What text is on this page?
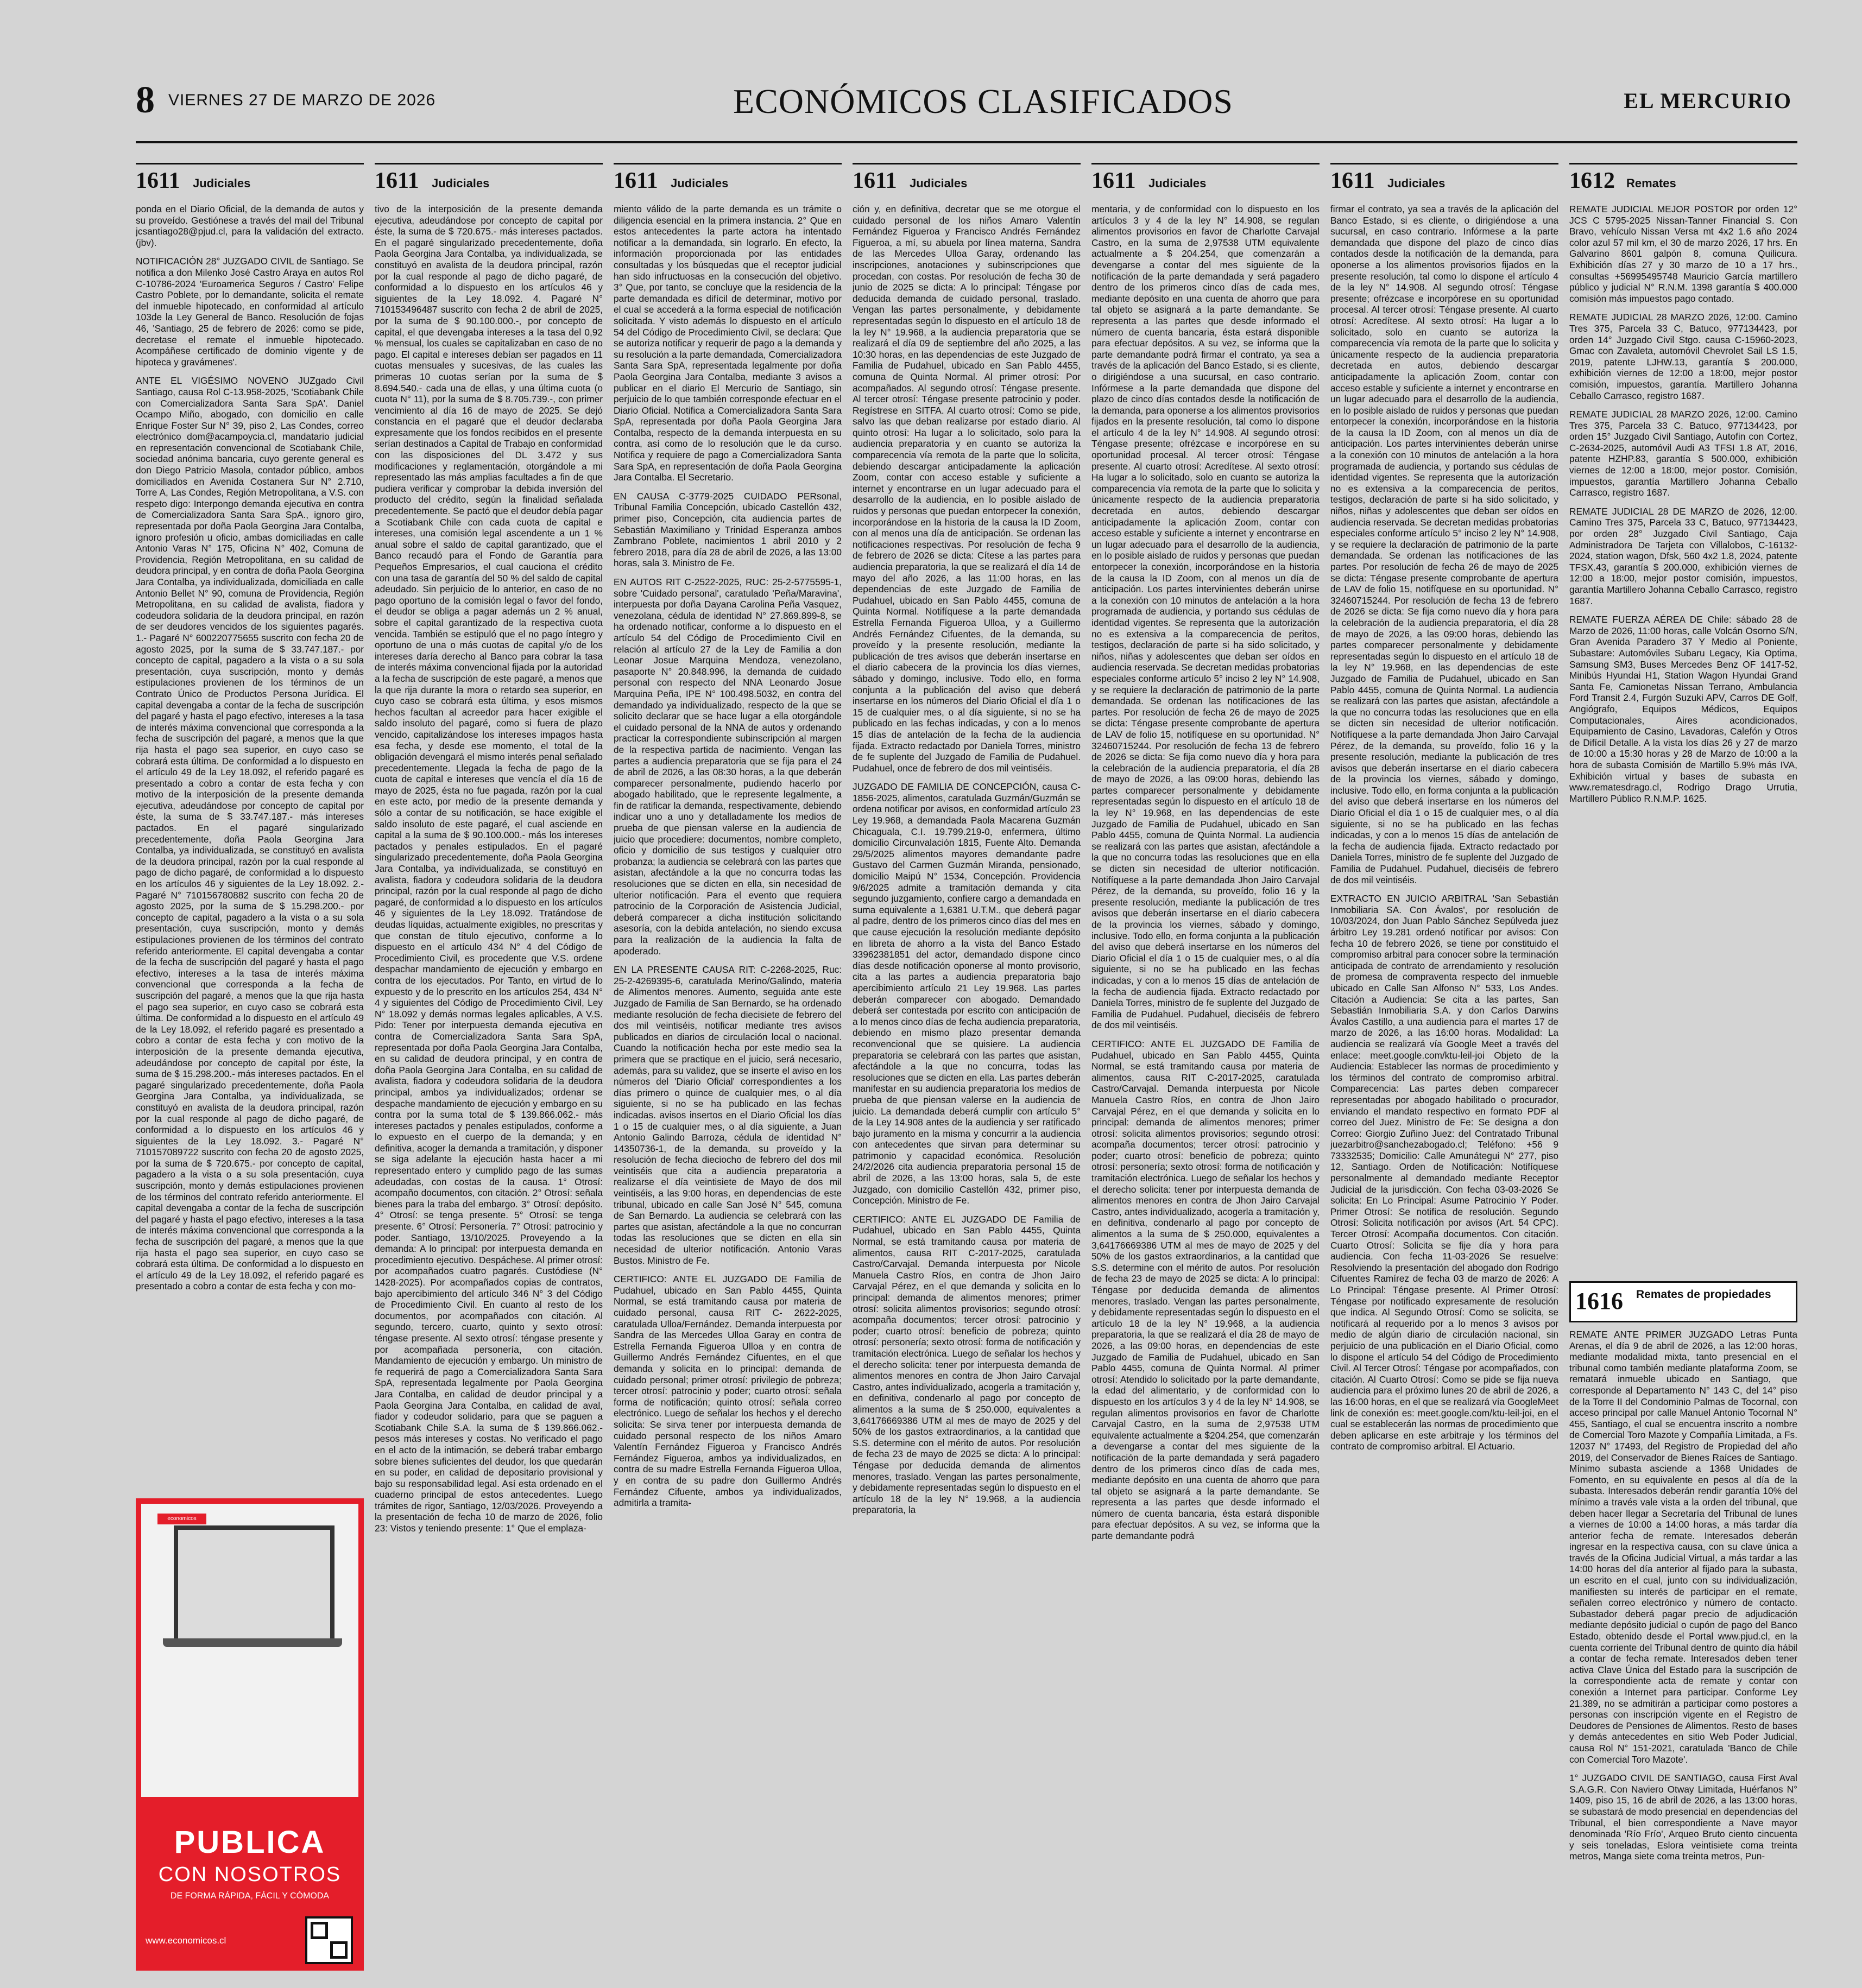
8 VIERNES 27 DE MARZO DE 2026	ECONÓMICOS CLASIFICADOS	EL MERCURIO
1611 Judiciales

ponda en el Diario Oficial, de la demanda de autos y su proveído. Gestiónese a través del mail del Tribunal jcsantiago28@pjud.cl, para la validación del extracto. (jbv).

NOTIFICACIÓN 28° JUZGADO CIVIL de Santiago. Se notifica a don Milenko José Castro Araya en autos Rol C-10786-2024 'Euroamerica Seguros / Castro' Felipe Castro Poblete, por lo demandante, solicita el remate del inmueble hipotecado, en conformidad al artículo 103de la Ley General de Banco. Resolución de fojas 46, 'Santiago, 25 de febrero de 2026: como se pide, decretase el remate el inmueble hipotecado. Acompáñese certificado de dominio vigente y de hipoteca y gravámenes'.

ANTE EL VIGÉSIMO NOVENO JUZgado Civil Santiago, causa Rol C-13.958-2025, 'Scotiabank Chile con Comercializadora Santa Sara SpA'. Daniel Ocampo Miño, abogado, con domicilio en calle Enrique Foster Sur N° 39, piso 2, Las Condes, correo electrónico dom@acampoycia.cl, mandatario judicial en representación convencional de Scotiabank Chile, sociedad anónima bancaria, cuyo gerente general es don Diego Patricio Masola, contador público, ambos domiciliados en Avenida Costanera Sur N° 2.710, Torre A, Las Condes, Región Metropolitana, a V.S. con respeto digo: Interpongo demanda ejecutiva en contra de Comercializadora Santa Sara SpA., ignoro giro, representada por doña Paola Georgina Jara Contalba, ignoro profesión u oficio, ambas domiciliadas en calle Antonio Varas N° 175, Oficina N° 402, Comuna de Providencia, Región Metropolitana, en su calidad de deudora principal, y en contra de doña Paola Georgina Jara Contalba, ya individualizada, domiciliada en calle Antonio Bellet N° 90, comuna de Providencia, Región Metropolitana, en su calidad de avalista, fiadora y codeudora solidaria de la deudora principal, en razón de ser deudores vencidos de los siguientes pagarés. 1.- Pagaré N° 600220775655 suscrito con fecha 20 de agosto 2025, por la suma de $ 33.747.187.- por concepto de capital, pagadero a la vista o a su sola presentación, cuya suscripción, monto y demás estipulaciones provienen de los términos de un Contrato Único de Productos Persona Jurídica. El capital devengaba a contar de la fecha de suscripción del pagaré y hasta el pago efectivo, intereses a la tasa de interés máxima convencional que corresponda a la fecha de suscripción del pagaré, a menos que la que rija hasta el pago sea superior, en cuyo caso se cobrará esta última. De conformidad a lo dispuesto en el artículo 49 de la Ley 18.092, el referido pagaré es presentado a cobro a contar de esta fecha y con motivo de la interposición de la presente demanda ejecutiva, adeudándose por concepto de capital por éste, la suma de $ 33.747.187.- más intereses pactados. En el pagaré singularizado precedentemente, doña Paola Georgina Jara Contalba, ya individualizada, se constituyó en avalista de la deudora principal, razón por la cual responde al pago de dicho pagaré, de conformidad a lo dispuesto en los artículos 46 y siguientes de la Ley 18.092. 2.- Pagaré N° 710156780882 suscrito con fecha 20 de agosto 2025, por la suma de $ 15.298.200.- por concepto de capital, pagadero a la vista o a su sola presentación, cuya suscripción, monto y demás estipulaciones provienen de los términos del contrato referido anteriormente. El capital devengaba a contar de la fecha de suscripción del pagaré y hasta el pago efectivo, intereses a la tasa de interés máxima convencional que corresponda a la fecha de suscripción del pagaré, a menos que la que rija hasta el pago sea superior, en cuyo caso se cobrará esta última. De conformidad a lo dispuesto en el artículo 49 de la Ley 18.092, el referido pagaré es presentado a cobro a contar de esta fecha y con motivo de la interposición de la presente demanda ejecutiva, adeudándose por concepto de capital por éste, la suma de $ 15.298.200.- más intereses pactados. En el pagaré singularizado precedentemente, doña Paola Georgina Jara Contalba, ya individualizada, se constituyó en avalista de la deudora principal, razón por la cual responde al pago de dicho pagaré, de conformidad a lo dispuesto en los artículos 46 y siguientes de la Ley 18.092. 3.- Pagaré N° 710157089722 suscrito con fecha 20 de agosto 2025, por la suma de $ 720.675.- por concepto de capital, pagadero a la vista o a su sola presentación, cuya suscripción, monto y demás estipulaciones provienen de los términos del contrato referido anteriormente. El capital devengaba a contar de la fecha de suscripción del pagaré y hasta el pago efectivo, intereses a la tasa de interés máxima convencional que corresponda a la fecha de suscripción del pagaré, a menos que la que rija hasta el pago sea superior, en cuyo caso se cobrará esta última. De conformidad a lo dispuesto en el artículo 49 de la Ley 18.092, el referido pagaré es presentado a cobro a contar de esta fecha y con mo-

economicos
PUBLICA
CON NOSOTROS
DE FORMA RÁPIDA, FÁCIL Y CÓMODA
www.economicos.cl
1611 Judiciales

tivo de la interposición de la presente demanda ejecutiva, adeudándose por concepto de capital por éste, la suma de $ 720.675.- más intereses pactados. En el pagaré singularizado precedentemente, doña Paola Georgina Jara Contalba, ya individualizada, se constituyó en avalista de la deudora principal, razón por la cual responde al pago de dicho pagaré, de conformidad a lo dispuesto en los artículos 46 y siguientes de la Ley 18.092. 4. Pagaré N° 710153496487 suscrito con fecha 2 de abril de 2025, por la suma de $ 90.100.000.-, por concepto de capital, el que devengaba intereses a la tasa del 0,92 % mensual, los cuales se capitalizaban en caso de no pago. El capital e intereses debían ser pagados en 11 cuotas mensuales y sucesivas, de las cuales las primeras 10 cuotas serían por la suma de $ 8.694.540.- cada una de ellas, y una última cuota (o cuota N° 11), por la suma de $ 8.705.739.-, con primer vencimiento al día 16 de mayo de 2025. Se dejó constancia en el pagaré que el deudor declaraba expresamente que los fondos recibidos en el presente serían destinados a Capital de Trabajo en conformidad con las disposiciones del DL 3.472 y sus modificaciones y reglamentación, otorgándole a mi representado las más amplias facultades a fin de que pudiera verificar y comprobar la debida inversión del producto del crédito, según la finalidad señalada precedentemente. Se pactó que el deudor debía pagar a Scotiabank Chile con cada cuota de capital e intereses, una comisión legal ascendente a un 1 % anual sobre el saldo de capital garantizado, que el Banco recaudó para el Fondo de Garantía para Pequeños Empresarios, el cual cauciona el crédito con una tasa de garantía del 50 % del saldo de capital adeudado. Sin perjuicio de lo anterior, en caso de no pago oportuno de la comisión legal o favor del fondo, el deudor se obliga a pagar además un 2 % anual, sobre el capital garantizado de la respectiva cuota vencida. También se estipuló que el no pago íntegro y oportuno de una o más cuotas de capital y/o de los intereses daría derecho al Banco para cobrar la tasa de interés máxima convencional fijada por la autoridad a la fecha de suscripción de este pagaré, a menos que la que rija durante la mora o retardo sea superior, en cuyo caso se cobrará esta última, y esos mismos hechos facultan al acreedor para hacer exigible el saldo insoluto del pagaré, como si fuera de plazo vencido, capitalizándose los intereses impagos hasta esa fecha, y desde ese momento, el total de la obligación devengará el mismo interés penal señalado precedentemente. Llegada la fecha de pago de la cuota de capital e intereses que vencía el día 16 de mayo de 2025, ésta no fue pagada, razón por la cual en este acto, por medio de la presente demanda y sólo a contar de su notificación, se hace exigible el saldo insoluto de este pagaré, el cual asciende en capital a la suma de $ 90.100.000.- más los intereses pactados y penales estipulados. En el pagaré singularizado precedentemente, doña Paola Georgina Jara Contalba, ya individualizada, se constituyó en avalista, fiadora y codeudora solidaria de la deudora principal, razón por la cual responde al pago de dicho pagaré, de conformidad a lo dispuesto en los artículos 46 y siguientes de la Ley 18.092. Tratándose de deudas líquidas, actualmente exigibles, no prescritas y que constan de título ejecutivo, conforme a lo dispuesto en el artículo 434 N° 4 del Código de Procedimiento Civil, es procedente que V.S. ordene despachar mandamiento de ejecución y embargo en contra de los ejecutados. Por Tanto, en virtud de lo expuesto y de lo prescrito en los artículos 254, 434 N° 4 y siguientes del Código de Procedimiento Civil, Ley N° 18.092 y demás normas legales aplicables, A V.S. Pido: Tener por interpuesta demanda ejecutiva en contra de Comercializadora Santa Sara SpA, representada por doña Paola Georgina Jara Contalba, en su calidad de deudora principal, y en contra de doña Paola Georgina Jara Contalba, en su calidad de avalista, fiadora y codeudora solidaria de la deudora principal, ambos ya individualizados; ordenar se despache mandamiento de ejecución y embargo en su contra por la suma total de $ 139.866.062.- más intereses pactados y penales estipulados, conforme a lo expuesto en el cuerpo de la demanda; y en definitiva, acoger la demanda a tramitación, y disponer se siga adelante la ejecución hasta hacer a mi representado entero y cumplido pago de las sumas adeudadas, con costas de la causa. 1° Otrosí: acompaño documentos, con citación. 2° Otrosí: señala bienes para la traba del embargo. 3° Otrosí: depósito. 4° Otrosí: se tenga presente. 5° Otrosí: se tenga presente. 6° Otrosí: Personería. 7° Otrosí: patrocinio y poder. Santiago, 13/10/2025. Proveyendo a la demanda: A lo principal: por interpuesta demanda en procedimiento ejecutivo. Despáchese. Al primer otrosí: por acompañados cuatro pagarés. Custódiese (N° 1428-2025). Por acompañados copias de contratos, bajo apercibimiento del artículo 346 N° 3 del Código de Procedimiento Civil. En cuanto al resto de los documentos, por acompañados con citación. Al segundo, tercero, cuarto, quinto y sexto otrosí: téngase presente. Al sexto otrosí: téngase presente y por acompañada personería, con citación. Mandamiento de ejecución y embargo. Un ministro de fe requerirá de pago a Comercializadora Santa Sara SpA, representada legalmente por Paola Georgina Jara Contalba, en calidad de deudor principal y a Paola Georgina Jara Contalba, en calidad de aval, fiador y codeudor solidario, para que se paguen a Scotiabank Chile S.A. la suma de $ 139.866.062.- pesos más intereses y costas. No verificado el pago en el acto de la intimación, se deberá trabar embargo sobre bienes suficientes del deudor, los que quedarán en su poder, en calidad de depositario provisional y bajo su responsabilidad legal. Así esta ordenado en el cuaderno principal de estos antecedentes. Luego trámites de rigor, Santiago, 12/03/2026. Proveyendo a la presentación de fecha 10 de marzo de 2026, folio 23: Vistos y teniendo presente: 1° Que el emplaza-

1611 Judiciales

miento válido de la parte demanda es un trámite o diligencia esencial en la primera instancia. 2° Que en estos antecedentes la parte actora ha intentado notificar a la demandada, sin lograrlo. En efecto, la información proporcionada por las entidades consultadas y los búsquedas que el receptor judicial han sido infructuosas en la consecución del objetivo. 3° Que, por tanto, se concluye que la residencia de la parte demandada es difícil de determinar, motivo por el cual se accederá a la forma especial de notificación solicitada. Y visto además lo dispuesto en el artículo 54 del Código de Procedimiento Civil, se declara: Que se autoriza notificar y requerir de pago a la demanda y su resolución a la parte demandada, Comercializadora Santa Sara SpA, representada legalmente por doña Paola Georgina Jara Contalba, mediante 3 avisos a publicar en el diario El Mercurio de Santiago, sin perjuicio de lo que también corresponde efectuar en el Diario Oficial. Notifica a Comercializadora Santa Sara SpA, representada por doña Paola Georgina Jara Contalba, respecto de la demanda interpuesta en su contra, así como de lo resolución que le da curso. Notifica y requiere de pago a Comercializadora Santa Sara SpA, en representación de doña Paola Georgina Jara Contalba. El Secretario.

EN CAUSA C-3779-2025 CUIDADO PERsonal, Tribunal Familia Concepción, ubicado Castellón 432, primer piso, Concepción, cita audiencia partes de Sebastián Maximiliano y Trinidad Esperanza ambos Zambrano Poblete, nacimientos 1 abril 2010 y 2 febrero 2018, para día 28 de abril de 2026, a las 13:00 horas, sala 3. Ministro de Fe.

EN AUTOS RIT C-2522-2025, RUC: 25-2-5775595-1, sobre 'Cuidado personal', caratulado 'Peña/Maravina', interpuesta por doña Dayana Carolina Peña Vasquez, venezolana, cédula de identidad N° 27.869.899-8, se ha ordenado notificar, conforme a lo dispuesto en el artículo 54 del Código de Procedimiento Civil en relación al artículo 27 de la Ley de Familia a don Leonar Josue Marquina Mendoza, venezolano, pasaporte N° 20.848.996, la demanda de cuidado personal con respecto del NNA Leonardo Josue Marquina Peña, IPE N° 100.498.5032, en contra del demandado ya individualizado, respecto de la que se solicito declarar que se hace lugar a ella otorgándole el cuidado personal de la NNA de autos y ordenando practicar la correspondiente subinscripción al margen de la respectiva partida de nacimiento. Vengan las partes a audiencia preparatoria que se fija para el 24 de abril de 2026, a las 08:30 horas, a la que deberán comparecer personalmente, pudiendo hacerlo por abogado habilitado, que le represente legalmente, a fin de ratificar la demanda, respectivamente, debiendo indicar uno a uno y detalladamente los medios de prueba de que piensan valerse en la audiencia de juicio que procediere: documentos, nombre completo, oficio y domicilio de sus testigos y cualquier otro probanza; la audiencia se celebrará con las partes que asistan, afectándole a la que no concurra todas las resoluciones que se dicten en ella, sin necesidad de ulterior notificación. Para el evento que requiera patrocinio de la Corporación de Asistencia Judicial, deberá comparecer a dicha institución solicitando asesoría, con la debida antelación, no siendo excusa para la realización de la audiencia la falta de apoderado.

EN LA PRESENTE CAUSA RIT: C-2268-2025, Ruc: 25-2-4269395-6, caratulada Merino/Galindo, materia de Alimentos menores. Aumento, seguida ante este Juzgado de Familia de San Bernardo, se ha ordenado mediante resolución de fecha diecisiete de febrero del dos mil veintiséis, notificar mediante tres avisos publicados en diarios de circulación local o nacional. Cuando la notificación hecha por este medio sea la primera que se practique en el juicio, será necesario, además, para su validez, que se inserte el aviso en los números del 'Diario Oficial' correspondientes a los días primero o quince de cualquier mes, o al día siguiente, si no se ha publicado en las fechas indicadas. avisos insertos en el Diario Oficial los días 1 o 15 de cualquier mes, o al día siguiente, a Juan Antonio Galindo Barroza, cédula de identidad N° 14350736-1, de la demanda, su proveído y la resolución de fecha dieciocho de febrero del dos mil veintiséis que cita a audiencia preparatoria a realizarse el día veintisiete de Mayo de dos mil veintiséis, a las 9:00 horas, en dependencias de este tribunal, ubicado en calle San José N° 545, comuna de San Bernardo. La audiencia se celebrará con las partes que asistan, afectándole a la que no concurran todas las resoluciones que se dicten en ella sin necesidad de ulterior notificación. Antonio Varas Bustos. Ministro de Fe.

CERTIFICO: ANTE EL JUZGADO DE Familia de Pudahuel, ubicado en San Pablo 4455, Quinta Normal, se está tramitando causa por materia de cuidado personal, causa RIT C- 2622-2025, caratulada Ulloa/Fernández. Demanda interpuesta por Sandra de las Mercedes Ulloa Garay en contra de Estrella Fernanda Figueroa Ulloa y en contra de Guillermo Andrés Fernández Cifuentes, en el que demanda y solicita en lo principal: demanda de cuidado personal; primer otrosí: privilegio de pobreza; tercer otrosí: patrocinio y poder; cuarto otrosí: señala forma de notificación; quinto otrosí: señala correo electrónico. Luego de señalar los hechos y el derecho solicita: Se sirva tener por interpuesta demanda de cuidado personal respecto de los niños Amaro Valentín Fernández Figueroa y Francisco Andrés Fernández Figueroa, ambos ya individualizados, en contra de su madre Estrella Fernanda Figueroa Ulloa, y en contra de su padre don Guillermo Andrés Fernández Cifuente, ambos ya individualizados, admitirla a tramita-

1611 Judiciales

ción y, en definitiva, decretar que se me otorgue el cuidado personal de los niños Amaro Valentín Fernández Figueroa y Francisco Andrés Fernández Figueroa, a mí, su abuela por línea materna, Sandra de las Mercedes Ulloa Garay, ordenando las inscripciones, anotaciones y subinscripciones que procedan, con costas. Por resolución de fecha 30 de junio de 2025 se dicta: A lo principal: Téngase por deducida demanda de cuidado personal, traslado. Vengan las partes personalmente, y debidamente representadas según lo dispuesto en el artículo 18 de la ley N° 19.968, a la audiencia preparatoria que se realizará el día 09 de septiembre del año 2025, a las 10:30 horas, en las dependencias de este Juzgado de Familia de Pudahuel, ubicado en San Pablo 4455, comuna de Quinta Normal. Al primer otrosí: Por acompañados. Al segundo otrosí: Téngase presente. Al tercer otrosí: Téngase presente patrocinio y poder. Regístrese en SITFA. Al cuarto otrosí: Como se pide, salvo las que deban realizarse por estado diario. Al quinto otrosí: Ha lugar a lo solicitado, solo para la audiencia preparatoria y en cuanto se autoriza la comparecencia vía remota de la parte que lo solicita, debiendo descargar anticipadamente la aplicación Zoom, contar con acceso estable y suficiente a internet y encontrarse en un lugar adecuado para el desarrollo de la audiencia, en lo posible aislado de ruidos y personas que puedan entorpecer la conexión, incorporándose en la historia de la causa la ID Zoom, con al menos una día de anticipación. Se ordenan las notificaciones respectivas. Por resolución de fecha 9 de febrero de 2026 se dicta: Cítese a las partes para audiencia preparatoria, la que se realizará el día 14 de mayo del año 2026, a las 11:00 horas, en las dependencias de este Juzgado de Familia de Pudahuel, ubicado en San Pablo 4455, comuna de Quinta Normal. Notifíquese a la parte demandada Estrella Fernanda Figueroa Ulloa, y a Guillermo Andrés Fernández Cifuentes, de la demanda, su proveído y la presente resolución, mediante la publicación de tres avisos que deberán insertarse en el diario cabecera de la provincia los días viernes, sábado y domingo, inclusive. Todo ello, en forma conjunta a la publicación del aviso que deberá insertarse en los números del Diario Oficial el día 1 o 15 de cualquier mes, o al día siguiente, si no se ha publicado en las fechas indicadas, y con a lo menos 15 días de antelación de la fecha de la audiencia fijada. Extracto redactado por Daniela Torres, ministro de fe suplente del Juzgado de Familia de Pudahuel. Pudahuel, once de febrero de dos mil veintiséis.

JUZGADO DE FAMILIA DE CONCEPCIÓN, causa C-1856-2025, alimentos, caratulada Guzmán/Guzmán se ordena notificar por avisos, en conformidad artículo 23 Ley 19.968, a demandada Paola Macarena Guzmán Chicaguala, C.I. 19.799.219-0, enfermera, último domicilio Circunvalación 1815, Fuente Alto. Demanda 29/5/2025 alimentos mayores demandante padre Gustavo del Carmen Guzmán Miranda, pensionado, domicilio Maipú N° 1534, Concepción. Providencia 9/6/2025 admite a tramitación demanda y cita segundo juzgamiento, confiere cargo a demandada en suma equivalente a 1,6381 U.T.M., que deberá pagar al padre, dentro de los primeros cinco días del mes en que cause ejecución la resolución mediante depósito en libreta de ahorro a la vista del Banco Estado 33962381851 del actor, demandado dispone cinco días desde notificación oponerse al monto provisorio, cita a las partes a audiencia preparatoria bajo apercibimiento artículo 21 Ley 19.968. Las partes deberán comparecer con abogado. Demandado deberá ser contestada por escrito con anticipación de a lo menos cinco días de fecha audiencia preparatoria, debiendo en mismo plazo presentar demanda reconvencional que se quisiere. La audiencia preparatoria se celebrará con las partes que asistan, afectándole a la que no concurra, todas las resoluciones que se dicten en ella. Las partes deberán manifestar en su audiencia preparatoria los medios de prueba de que piensan valerse en la audiencia de juicio. La demandada deberá cumplir con artículo 5° de la Ley 14.908 antes de la audiencia y ser ratificado bajo juramento en la misma y concurrir a la audiencia con antecedentes que sirvan para determinar su patrimonio y capacidad económica. Resolución 24/2/2026 cita audiencia preparatoria personal 15 de abril de 2026, a las 13:00 horas, sala 5, de este Juzgado, con domicilio Castellón 432, primer piso, Concepción. Ministro de Fe.

CERTIFICO: ANTE EL JUZGADO DE Familia de Pudahuel, ubicado en San Pablo 4455, Quinta Normal, se está tramitando causa por materia de alimentos, causa RIT C-2017-2025, caratulada Castro/Carvajal. Demanda interpuesta por Nicole Manuela Castro Ríos, en contra de Jhon Jairo Carvajal Pérez, en el que demanda y solicita en lo principal: demanda de alimentos menores; primer otrosí: solicita alimentos provisorios; segundo otrosí: acompaña documentos; tercer otrosí: patrocinio y poder; cuarto otrosí: beneficio de pobreza; quinto otrosí: personería; sexto otrosí: forma de notificación y tramitación electrónica. Luego de señalar los hechos y el derecho solicita: tener por interpuesta demanda de alimentos menores en contra de Jhon Jairo Carvajal Castro, antes individualizado, acogerla a tramitación y, en definitiva, condenarlo al pago por concepto de alimentos a la suma de $ 250.000, equivalentes a 3,64176669386 UTM al mes de mayo de 2025 y del 50% de los gastos extraordinarios, a la cantidad que S.S. determine con el mérito de autos. Por resolución de fecha 23 de mayo de 2025 se dicta: A lo principal: Téngase por deducida demanda de alimentos menores, traslado. Vengan las partes personalmente, y debidamente representadas según lo dispuesto en el artículo 18 de la ley N° 19.968, a la audiencia preparatoria, la

1611 Judiciales

mentaria, y de conformidad con lo dispuesto en los artículos 3 y 4 de la ley N° 14.908, se regulan alimentos provisorios en favor de Charlotte Carvajal Castro, en la suma de 2,97538 UTM equivalente actualmente a $ 204.254, que comenzarán a devengarse a contar del mes siguiente de la notificación de la parte demandada y será pagadero dentro de los primeros cinco días de cada mes, mediante depósito en una cuenta de ahorro que para tal objeto se asignará a la parte demandante. Se representa a las partes que desde informado el número de cuenta bancaria, ésta estará disponible para efectuar depósitos. A su vez, se informa que la parte demandante podrá firmar el contrato, ya sea a través de la aplicación del Banco Estado, si es cliente, o dirigiéndose a una sucursal, en caso contrario. Infórmese a la parte demandada que dispone del plazo de cinco días contados desde la notificación de la demanda, para oponerse a los alimentos provisorios fijados en la presente resolución, tal como lo dispone el artículo 4 de la ley N° 14.908. Al segundo otrosí: Téngase presente; ofrézcase e incorpórese en su oportunidad procesal. Al tercer otrosí: Téngase presente. Al cuarto otrosí: Acredítese. Al sexto otrosí: Ha lugar a lo solicitado, solo en cuanto se autoriza la comparecencia vía remota de la parte que lo solicita y únicamente respecto de la audiencia preparatoria decretada en autos, debiendo descargar anticipadamente la aplicación Zoom, contar con acceso estable y suficiente a internet y encontrarse en un lugar adecuado para el desarrollo de la audiencia, en lo posible aislado de ruidos y personas que puedan entorpecer la conexión, incorporándose en la historia de la causa la ID Zoom, con al menos un día de anticipación. Los partes intervinientes deberán unirse a la conexión con 10 minutos de antelación a la hora programada de audiencia, y portando sus cédulas de identidad vigentes. Se representa que la autorización no es extensiva a la comparecencia de peritos, testigos, declaración de parte si ha sido solicitado, y niños, niñas y adolescentes que deban ser oídos en audiencia reservada. Se decretan medidas probatorias especiales conforme artículo 5° inciso 2 ley N° 14.908, y se requiere la declaración de patrimonio de la parte demandada. Se ordenan las notificaciones de las partes. Por resolución de fecha 26 de mayo de 2025 se dicta: Téngase presente comprobante de apertura de LAV de folio 15, notifíquese en su oportunidad. N° 32460715244. Por resolución de fecha 13 de febrero de 2026 se dicta: Se fija como nuevo día y hora para la celebración de la audiencia preparatoria, el día 28 de mayo de 2026, a las 09:00 horas, debiendo las partes comparecer personalmente y debidamente representadas según lo dispuesto en el artículo 18 de la ley N° 19.968, en las dependencias de este Juzgado de Familia de Pudahuel, ubicado en San Pablo 4455, comuna de Quinta Normal. La audiencia se realizará con las partes que asistan, afectándole a la que no concurra todas las resoluciones que en ella se dicten sin necesidad de ulterior notificación. Notifíquese a la parte demandada Jhon Jairo Carvajal Pérez, de la demanda, su proveído, folio 16 y la presente resolución, mediante la publicación de tres avisos que deberán insertarse en el diario cabecera de la provincia los viernes, sábado y domingo, inclusive. Todo ello, en forma conjunta a la publicación del aviso que deberá insertarse en los números del Diario Oficial el día 1 o 15 de cualquier mes, o al día siguiente, si no se ha publicado en las fechas indicadas, y con a lo menos 15 días de antelación de la fecha de audiencia fijada. Extracto redactado por Daniela Torres, ministro de fe suplente del Juzgado de Familia de Pudahuel. Pudahuel, dieciséis de febrero de dos mil veintiséis.

CERTIFICO: ANTE EL JUZGADO DE Familia de Pudahuel, ubicado en San Pablo 4455, Quinta Normal, se está tramitando causa por materia de alimentos, causa RIT C-2017-2025, caratulada Castro/Carvajal. Demanda interpuesta por Nicole Manuela Castro Ríos, en contra de Jhon Jairo Carvajal Pérez, en el que demanda y solicita en lo principal: demanda de alimentos menores; primer otrosí: solicita alimentos provisorios; segundo otrosí: acompaña documentos; tercer otrosí: patrocinio y poder; cuarto otrosí: beneficio de pobreza; quinto otrosí: personería; sexto otrosí: forma de notificación y tramitación electrónica. Luego de señalar los hechos y el derecho solicita: tener por interpuesta demanda de alimentos menores en contra de Jhon Jairo Carvajal Castro, antes individualizado, acogerla a tramitación y, en definitiva, condenarlo al pago por concepto de alimentos a la suma de $ 250.000, equivalentes a 3,64176669386 UTM al mes de mayo de 2025 y del 50% de los gastos extraordinarios, a la cantidad que S.S. determine con el mérito de autos. Por resolución de fecha 23 de mayo de 2025 se dicta: A lo principal: Téngase por deducida demanda de alimentos menores, traslado. Vengan las partes personalmente, y debidamente representadas según lo dispuesto en el artículo 18 de la ley N° 19.968, a la audiencia preparatoria, la que se realizará el día 28 de mayo de 2026, a las 09:00 horas, en dependencias de este Juzgado de Familia de Pudahuel, ubicado en San Pablo 4455, comuna de Quinta Normal. Al primer otrosí: Atendido lo solicitado por la parte demandante, la edad del alimentario, y de conformidad con lo dispuesto en los artículos 3 y 4 de la ley N° 14.908, se regulan alimentos provisorios en favor de Charlotte Carvajal Castro, en la suma de 2,97538 UTM equivalente actualmente a $204.254, que comenzarán a devengarse a contar del mes siguiente de la notificación de la parte demandada y será pagadero dentro de los primeros cinco días de cada mes, mediante depósito en una cuenta de ahorro que para tal objeto se asignará a la parte demandante. Se representa a las partes que desde informado el número de cuenta bancaria, ésta estará disponible para efectuar depósitos. A su vez, se informa que la parte demandante podrá

1611 Judiciales

firmar el contrato, ya sea a través de la aplicación del Banco Estado, si es cliente, o dirigiéndose a una sucursal, en caso contrario. Infórmese a la parte demandada que dispone del plazo de cinco días contados desde la notificación de la demanda, para oponerse a los alimentos provisorios fijados en la presente resolución, tal como lo dispone el artículo 4 de la ley N° 14.908. Al segundo otrosí: Téngase presente; ofrézcase e incorpórese en su oportunidad procesal. Al tercer otrosí: Téngase presente. Al cuarto otrosí: Acredítese. Al sexto otrosí: Ha lugar a lo solicitado, solo en cuanto se autoriza la comparecencia vía remota de la parte que lo solicita y únicamente respecto de la audiencia preparatoria decretada en autos, debiendo descargar anticipadamente la aplicación Zoom, contar con acceso estable y suficiente a internet y encontrarse en un lugar adecuado para el desarrollo de la audiencia, en lo posible aislado de ruidos y personas que puedan entorpecer la conexión, incorporándose en la historia de la causa la ID Zoom, con al menos un día de anticipación. Los partes intervinientes deberán unirse a la conexión con 10 minutos de antelación a la hora programada de audiencia, y portando sus cédulas de identidad vigentes. Se representa que la autorización no es extensiva a la comparecencia de peritos, testigos, declaración de parte si ha sido solicitado, y niños, niñas y adolescentes que deban ser oídos en audiencia reservada. Se decretan medidas probatorias especiales conforme artículo 5° inciso 2 ley N° 14.908, y se requiere la declaración de patrimonio de la parte demandada. Se ordenan las notificaciones de las partes. Por resolución de fecha 26 de mayo de 2025 se dicta: Téngase presente comprobante de apertura de LAV de folio 15, notifíquese en su oportunidad. N° 32460715244. Por resolución de fecha 13 de febrero de 2026 se dicta: Se fija como nuevo día y hora para la celebración de la audiencia preparatoria, el día 28 de mayo de 2026, a las 09:00 horas, debiendo las partes comparecer personalmente y debidamente representadas según lo dispuesto en el artículo 18 de la ley N° 19.968, en las dependencias de este Juzgado de Familia de Pudahuel, ubicado en San Pablo 4455, comuna de Quinta Normal. La audiencia se realizará con las partes que asistan, afectándole a la que no concurra todas las resoluciones que en ella se dicten sin necesidad de ulterior notificación. Notifíquese a la parte demandada Jhon Jairo Carvajal Pérez, de la demanda, su proveído, folio 16 y la presente resolución, mediante la publicación de tres avisos que deberán insertarse en el diario cabecera de la provincia los viernes, sábado y domingo, inclusive. Todo ello, en forma conjunta a la publicación del aviso que deberá insertarse en los números del Diario Oficial el día 1 o 15 de cualquier mes, o al día siguiente, si no se ha publicado en las fechas indicadas, y con a lo menos 15 días de antelación de la fecha de audiencia fijada. Extracto redactado por Daniela Torres, ministro de fe suplente del Juzgado de Familia de Pudahuel. Pudahuel, dieciséis de febrero de dos mil veintiséis.

EXTRACTO EN JUICIO ARBITRAL 'San Sebastián Inmobiliaria SA. Con Ávalos', por resolución de 10/03/2024, don Juan Pablo Sánchez Sepúlveda juez árbitro Ley 19.281 ordenó notificar por avisos: Con fecha 10 de febrero 2026, se tiene por constituido el compromiso arbitral para conocer sobre la terminación anticipada de contrato de arrendamiento y resolución de promesa de compraventa respecto del inmueble ubicado en Calle San Alfonso N° 533, Los Andes. Citación a Audiencia: Se cita a las partes, San Sebastián Inmobiliaria S.A. y don Carlos Darwins Ávalos Castillo, a una audiencia para el martes 17 de marzo de 2026, a las 16:00 horas. Modalidad: La audiencia se realizará vía Google Meet a través del enlace: meet.google.com/ktu-leil-joi Objeto de la Audiencia: Establecer las normas de procedimiento y los términos del contrato de compromiso arbitral. Comparecencia: Las partes deben comparecer representadas por abogado habilitado o procurador, enviando el mandato respectivo en formato PDF al correo del Juez. Ministro de Fe: Se designa a don Correo: Giorgio Zuñino Juez: del Contratado Tribunal juezarbitro@sanchezabogado.cl; Teléfono: +56 9 73332535; Domicilio: Calle Amunátegui N° 277, piso 12, Santiago. Orden de Notificación: Notifíquese personalmente al demandado mediante Receptor Judicial de la jurisdicción. Con fecha 03-03-2026 Se solicita: En Lo Principal: Asume Patrocinio Y Poder. Primer Otrosí: Se notifica de resolución. Segundo Otrosí: Solicita notificación por avisos (Art. 54 CPC). Tercer Otrosí: Acompaña documentos. Con citación. Cuarto Otrosí: Solicita se fije día y hora para audiencia. Con fecha 11-03-2026 Se resuelve: Resolviendo la presentación del abogado don Rodrigo Cifuentes Ramírez de fecha 03 de marzo de 2026: A Lo Principal: Téngase presente. Al Primer Otrosí: Téngase por notificado expresamente de resolución que indica. Al Segundo Otrosí: Como se solicita, se notificará al requerido por a lo menos 3 avisos por medio de algún diario de circulación nacional, sin perjuicio de una publicación en el Diario Oficial, como lo dispone el artículo 54 del Código de Procedimiento Civil. Al Tercer Otrosí: Téngase por acompañados, con citación. Al Cuarto Otrosí: Como se pide se fija nueva audiencia para el próximo lunes 20 de abril de 2026, a las 16:00 horas, en el que se realizará vía GoogleMeet link de conexión es: meet.google.com/ktu-leil-joi, en el cual se establecerán las normas de procedimiento que deben aplicarse en este arbitraje y los términos del contrato de compromiso arbitral. El Actuario.

1612 Remates

REMATE JUDICIAL MEJOR POSTOR por orden 12° JCS C 5795-2025 Nissan-Tanner Financial S. Con Bravo, vehículo Nissan Versa mt 4x2 1.6 año 2024 color azul 57 mil km, el 30 de marzo 2026, 17 hrs. En Galvarino 8601 galpón 8, comuna Quilicura. Exhibición días 27 y 30 marzo de 10 a 17 hrs., consultas +56995495748 Mauricio García martillero público y judicial N° R.N.M. 1398 garantía $ 400.000 comisión más impuestos pago contado.

REMATE JUDICIAL 28 MARZO 2026, 12:00. Camino Tres 375, Parcela 33 C, Batuco, 977134423, por orden 14° Juzgado Civil Stgo. causa C-15960-2023, Gmac con Zavaleta, automóvil Chevrolet Sail LS 1.5, 2019, patente LJHW.13, garantía $ 200.000, exhibición viernes de 12:00 a 18:00, mejor postor comisión, impuestos, garantía. Martillero Johanna Ceballo Carrasco, registro 1687.

REMATE JUDICIAL 28 MARZO 2026, 12:00. Camino Tres 375, Parcela 33 C. Batuco, 977134423, por orden 15° Juzgado Civil Santiago, Autofin con Cortez, C-2634-2025, automóvil Audi A3 TFSI 1.8 AT, 2016, patente HZHP.83, garantía $ 500.000, exhibición viernes de 12:00 a 18:00, mejor postor. Comisión, impuestos, garantía Martillero Johanna Ceballo Carrasco, registro 1687.

REMATE JUDICIAL 28 DE MARZO de 2026, 12:00. Camino Tres 375, Parcela 33 C, Batuco, 977134423, por orden 28° Juzgado Civil Santiago, Caja Administradora De Tarjeta con Villalobos, C-16132-2024, station wagon, Dfsk, 560 4x2 1.8, 2024, patente TFSX.43, garantía $ 200.000, exhibición viernes de 12:00 a 18:00, mejor postor comisión, impuestos, garantía Martillero Johanna Ceballo Carrasco, registro 1687.

REMATE FUERZA AÉREA DE Chile: sábado 28 de Marzo de 2026, 11:00 horas, calle Volcán Osorno S/N, Gran Avenida Paradero 37 Y Medio al Poniente, Subastare: Automóviles Subaru Legacy, Kia Optima, Samsung SM3, Buses Mercedes Benz OF 1417-52, Minibús Hyundai H1, Station Wagon Hyundai Grand Santa Fe, Camionetas Nissan Terrano, Ambulancia Ford Transit 2.4, Furgón Suzuki APV, Carros DE Golf, Angiógrafo, Equipos Médicos, Equipos Computacionales, Aires acondicionados, Equipamiento de Casino, Lavadoras, Calefón y Otros de Difícil Detalle. A la vista los días 26 y 27 de marzo de 10:00 a 15:30 horas y 28 de Marzo de 10:00 a la hora de subasta Comisión de Martillo 5.9% más IVA, Exhibición virtual y bases de subasta en www.rematesdrago.cl, Rodrigo Drago Urrutia, Martillero Público R.N.M.P. 1625.

1616 Remates de propiedades

REMATE ANTE PRIMER JUZGADO Letras Punta Arenas, el día 9 de abril de 2026, a las 12:00 horas, mediante modalidad mixta, tanto presencial en el tribunal como también mediante plataforma Zoom, se rematará inmueble ubicado en Santiago, que corresponde al Departamento N° 143 C, del 14° piso de la Torre II del Condominio Palmas de Tocornal, con acceso principal por calle Manuel Antonio Tocornal N° 455, Santiago, el cual se encuentra inscrito a nombre de Comercial Toro Mazote y Compañía Limitada, a Fs. 12037 N° 17493, del Registro de Propiedad del año 2019, del Conservador de Bienes Raíces de Santiago. Mínimo subasta asciende a 1368 Unidades de Fomento, en su equivalente en pesos al día de la subasta. Interesados deberán rendir garantía 10% del mínimo a través vale vista a la orden del tribunal, que deben hacer llegar a Secretaría del Tribunal de lunes a viernes de 10:00 a 14:00 horas, a más tardar día anterior fecha de remate. Interesados deberán ingresar en la respectiva causa, con su clave única a través de la Oficina Judicial Virtual, a más tardar a las 14:00 horas del día anterior al fijado para la subasta, un escrito en el cual, junto con su individualización, manifiesten su interés de participar en el remate, señalen correo electrónico y número de contacto. Subastador deberá pagar precio de adjudicación mediante depósito judicial o cupón de pago del Banco Estado, obtenido desde el Portal www.pjud.cl, en la cuenta corriente del Tribunal dentro de quinto día hábil a contar de fecha remate. Interesados deben tener activa Clave Única del Estado para la suscripción de la correspondiente acta de remate y contar con conexión a Internet para participar. Conforme Ley 21.389, no se admitirán a participar como postores a personas con inscripción vigente en el Registro de Deudores de Pensiones de Alimentos. Resto de bases y demás antecedentes en sitio Web Poder Judicial, causa Rol N° 151-2021, caratulada 'Banco de Chile con Comercial Toro Mazote'.

1° JUZGADO CIVIL DE SANTIAGO, causa First Aval S.A.G.R. Con Naviero Otway Limitada, Huérfanos N° 1409, piso 15, 16 de abril de 2026, a las 13:00 horas, se subastará de modo presencial en dependencias del Tribunal, el bien correspondiente a Nave mayor denominada 'Río Frío', Arqueo Bruto ciento cincuenta y seis toneladas, Eslora veintisiete coma treinta metros, Manga siete coma treinta metros, Pun-
